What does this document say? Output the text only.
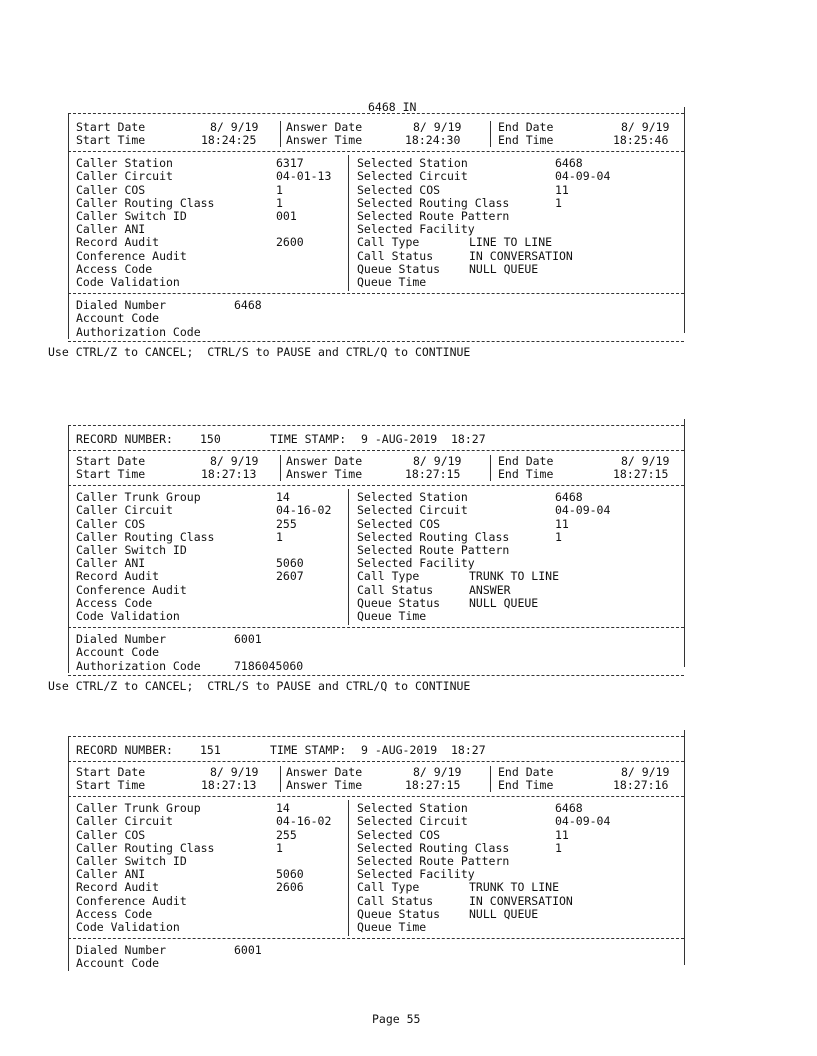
6468 IN
Start Date	8/ 9/19 Answer Date	8/ 9/19	End Date	8/ 9/19
Start Time	18:24:25	Answer Time	18:24:30	End Time	18:25:46
Caller Station	6317
Caller Circuit	04-01-13
Caller COS	1
Caller Routing Class	1
Caller Switch ID	001
Caller ANI
Record Audit	2600
Conference Audit
Access Code
Code Validation
Selected Station	6468
Selected Circuit	04-09-04
Selected COS	11
Selected Routing Class	1
Selected Route Pattern
Selected Facility
Call Type	LINE TO LINE
Call Status	IN CONVERSATION
Queue Status	NULL QUEUE
Queue Time
Dialed Number	6468
Account Code
Authorization Code
Use CTRL/Z to CANCEL;  CTRL/S to PAUSE and CTRL/Q to CONTINUE
RECORD NUMBER: 150	TIME STAMP: 9 -AUG-2019  18:27
Start Date	8/ 9/19 Answer Date	8/ 9/19	End Date	8/ 9/19
Start Time	18:27:13	Answer Time	18:27:15	End Time	18:27:15
Caller Trunk Group	14
Caller Circuit	04-16-02
Caller COS	255
Caller Routing Class	1
Caller Switch ID
Caller ANI	5060
Record Audit	2607
Conference Audit
Access Code
Code Validation
Selected Station	6468
Selected Circuit	04-09-04
Selected COS	11
Selected Routing Class	1
Selected Route Pattern
Selected Facility
Call Type	TRUNK TO LINE
Call Status	ANSWER
Queue Status	NULL QUEUE
Queue Time
Dialed Number	6001
Account Code
Authorization Code	7186045060
Use CTRL/Z to CANCEL;  CTRL/S to PAUSE and CTRL/Q to CONTINUE
RECORD NUMBER: 151	TIME STAMP: 9 -AUG-2019  18:27
Start Date	8/ 9/19 Answer Date	8/ 9/19	End Date	8/ 9/19
Start Time	18:27:13	Answer Time	18:27:15	End Time	18:27:16
Caller Trunk Group	14
Caller Circuit	04-16-02
Caller COS	255
Caller Routing Class	1
Caller Switch ID
Caller ANI	5060
Record Audit	2606
Conference Audit
Access Code
Code Validation
Selected Station	6468
Selected Circuit	04-09-04
Selected COS	11
Selected Routing Class	1
Selected Route Pattern
Selected Facility
Call Type	TRUNK TO LINE
Call Status	IN CONVERSATION
Queue Status	NULL QUEUE
Queue Time
Dialed Number	6001
Account Code
Page 55
